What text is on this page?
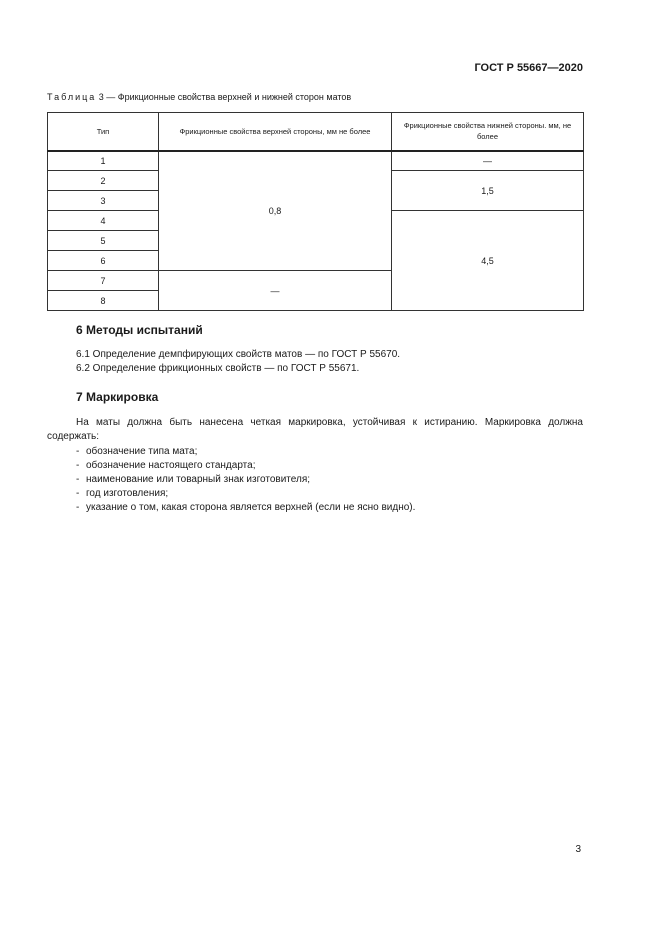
ГОСТ Р 55667—2020
Таблица 3 — Фрикционные свойства верхней и нижней сторон матов
Тип	Фрикционные свойства верхней стороны, мм не более	Фрикционные свойства нижней стороны. мм, не более
1	0,8	—
2		1,5
3		
4		4,5
5		
6		
7	—	
8		
6 Методы испытаний
6.1 Определение демпфирующих свойств матов — по ГОСТ Р 55670.
6.2 Определение фрикционных свойств — по ГОСТ Р 55671.
7 Маркировка
На маты должна быть нанесена четкая маркировка, устойчивая к истиранию. Маркировка должна содержать:
- обозначение типа мата;
- обозначение настоящего стандарта;
- наименование или товарный знак изготовителя;
- год изготовления;
- указание о том, какая сторона является верхней (если не ясно видно).
3
